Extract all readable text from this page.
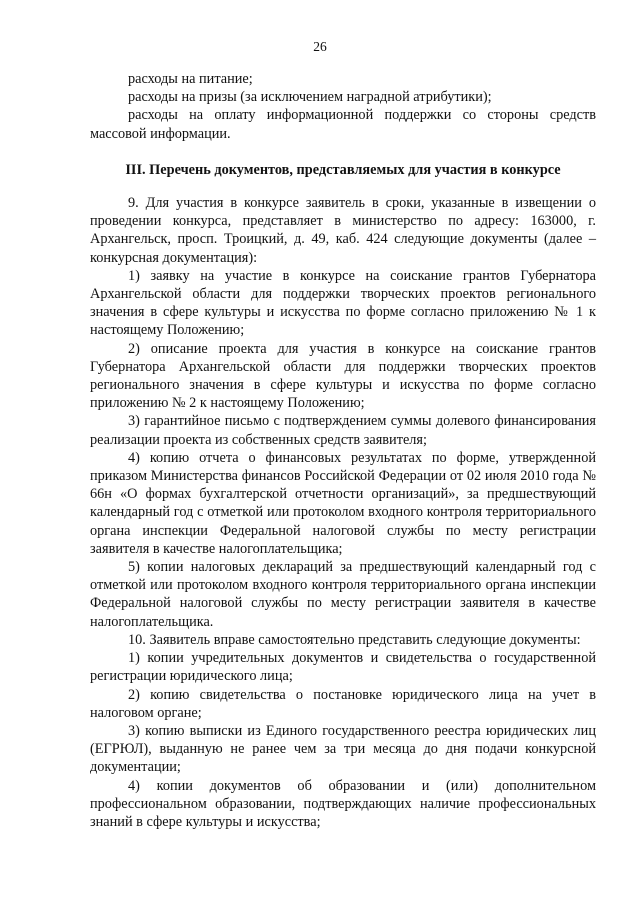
26

расходы на питание;

расходы на призы (за исключением наградной атрибутики);

расходы на оплату информационной поддержки со стороны средств массовой информации.

III. Перечень документов, представляемых для участия в конкурсе

9. Для участия в конкурсе заявитель в сроки, указанные в извещении о проведении конкурса, представляет в министерство по адресу: 163000, г. Архангельск, просп. Троицкий, д. 49, каб. 424 следующие документы (далее – конкурсная документация):

1) заявку на участие в конкурсе на соискание грантов Губернатора Архангельской области для поддержки творческих проектов регионального значения в сфере культуры и искусства по форме согласно приложению № 1 к настоящему Положению;

2) описание проекта для участия в конкурсе на соискание грантов Губернатора Архангельской области для поддержки творческих проектов регионального значения в сфере культуры и искусства по форме согласно приложению № 2 к настоящему Положению;

3) гарантийное письмо с подтверждением суммы долевого финансирования реализации проекта из собственных средств заявителя;

4) копию отчета о финансовых результатах по форме, утвержденной приказом Министерства финансов Российской Федерации от 02 июля 2010 года № 66н «О формах бухгалтерской отчетности организаций», за предшествующий календарный год с отметкой или протоколом входного контроля территориального органа инспекции Федеральной налоговой службы по месту регистрации заявителя в качестве налогоплательщика;

5) копии налоговых деклараций за предшествующий календарный год с отметкой или протоколом входного контроля территориального органа инспекции Федеральной налоговой службы по месту регистрации заявителя в качестве налогоплательщика.

10. Заявитель вправе самостоятельно представить следующие документы:

1) копии учредительных документов и свидетельства о государственной регистрации юридического лица;

2) копию свидетельства о постановке юридического лица на учет в налоговом органе;

3) копию выписки из Единого государственного реестра юридических лиц (ЕГРЮЛ), выданную не ранее чем за три месяца до дня подачи конкурсной документации;

4) копии документов об образовании и (или) дополнительном профессиональном образовании, подтверждающих наличие профессиональных знаний в сфере культуры и искусства;
